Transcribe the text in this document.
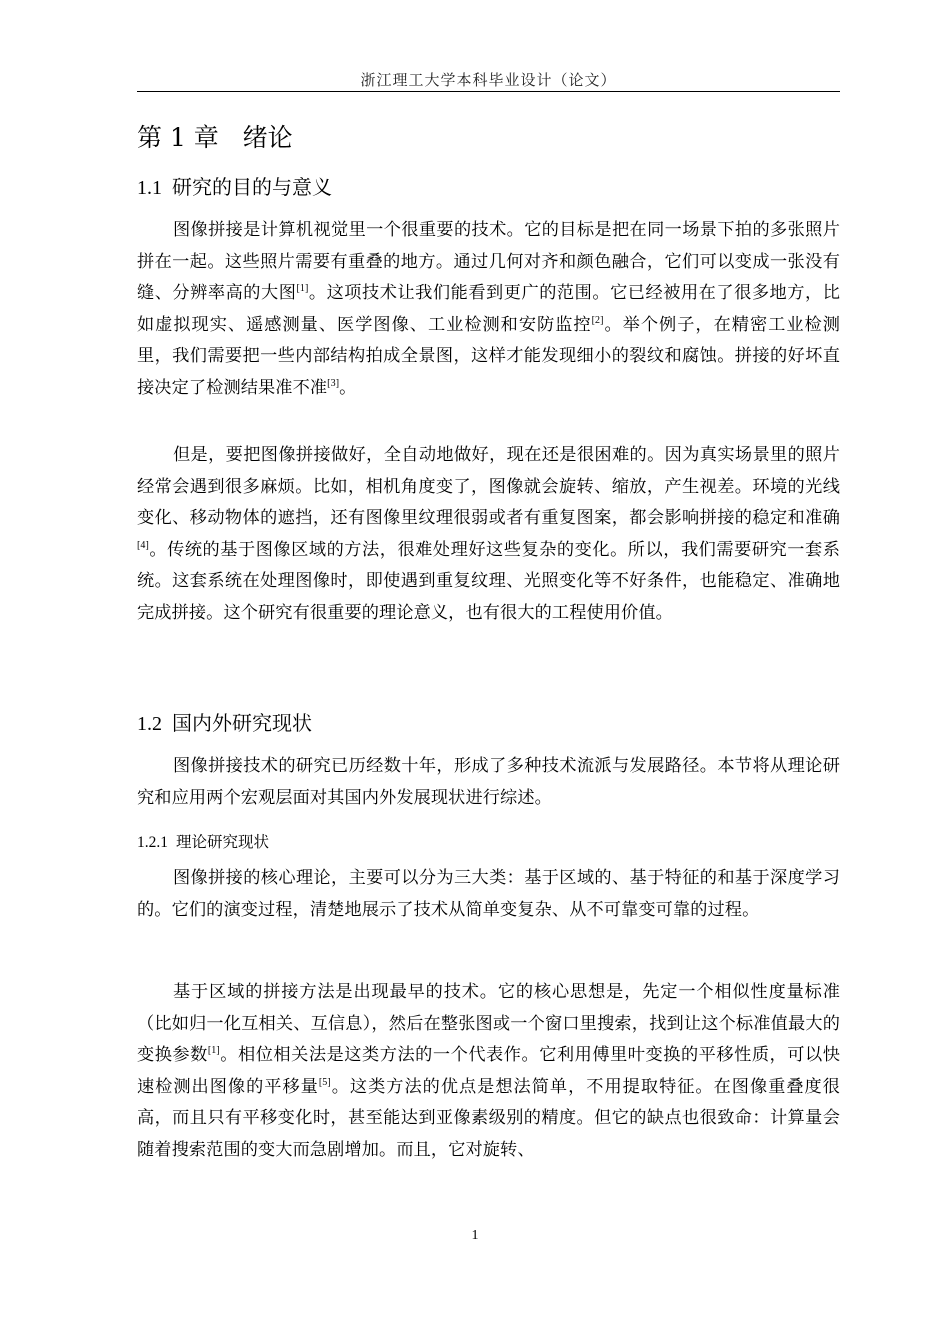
浙江理工大学本科毕业设计（论文）
第 1 章   绪论
1.1 研究的目的与意义
图像拼接是计算机视觉里一个很重要的技术。它的目标是把在同一场景下拍的多张照片拼在一起。这些照片需要有重叠的地方。通过几何对齐和颜色融合，它们可以变成一张没有缝、分辨率高的大图[1]。这项技术让我们能看到更广的范围。它已经被用在了很多地方，比如虚拟现实、遥感测量、医学图像、工业检测和安防监控[2]。举个例子，在精密工业检测里，我们需要把一些内部结构拍成全景图，这样才能发现细小的裂纹和腐蚀。拼接的好坏直接决定了检测结果准不准[3]。
但是，要把图像拼接做好，全自动地做好，现在还是很困难的。因为真实场景里的照片经常会遇到很多麻烦。比如，相机角度变了，图像就会旋转、缩放，产生视差。环境的光线变化、移动物体的遮挡，还有图像里纹理很弱或者有重复图案，都会影响拼接的稳定和准确[4]。传统的基于图像区域的方法，很难处理好这些复杂的变化。所以，我们需要研究一套系统。这套系统在处理图像时，即使遇到重复纹理、光照变化等不好条件，也能稳定、准确地完成拼接。这个研究有很重要的理论意义，也有很大的工程使用价值。
1.2 国内外研究现状
图像拼接技术的研究已历经数十年，形成了多种技术流派与发展路径。本节将从理论研究和应用两个宏观层面对其国内外发展现状进行综述。
1.2.1 理论研究现状
图像拼接的核心理论，主要可以分为三大类：基于区域的、基于特征的和基于深度学习的。它们的演变过程，清楚地展示了技术从简单变复杂、从不可靠变可靠的过程。
基于区域的拼接方法是出现最早的技术。它的核心思想是，先定一个相似性度量标准（比如归一化互相关、互信息），然后在整张图或一个窗口里搜索，找到让这个标准值最大的变换参数[1]。相位相关法是这类方法的一个代表作。它利用傅里叶变换的平移性质，可以快速检测出图像的平移量[5]。这类方法的优点是想法简单，不用提取特征。在图像重叠度很高，而且只有平移变化时，甚至能达到亚像素级别的精度。但它的缺点也很致命：计算量会随着搜索范围的变大而急剧增加。而且，它对旋转、
1
